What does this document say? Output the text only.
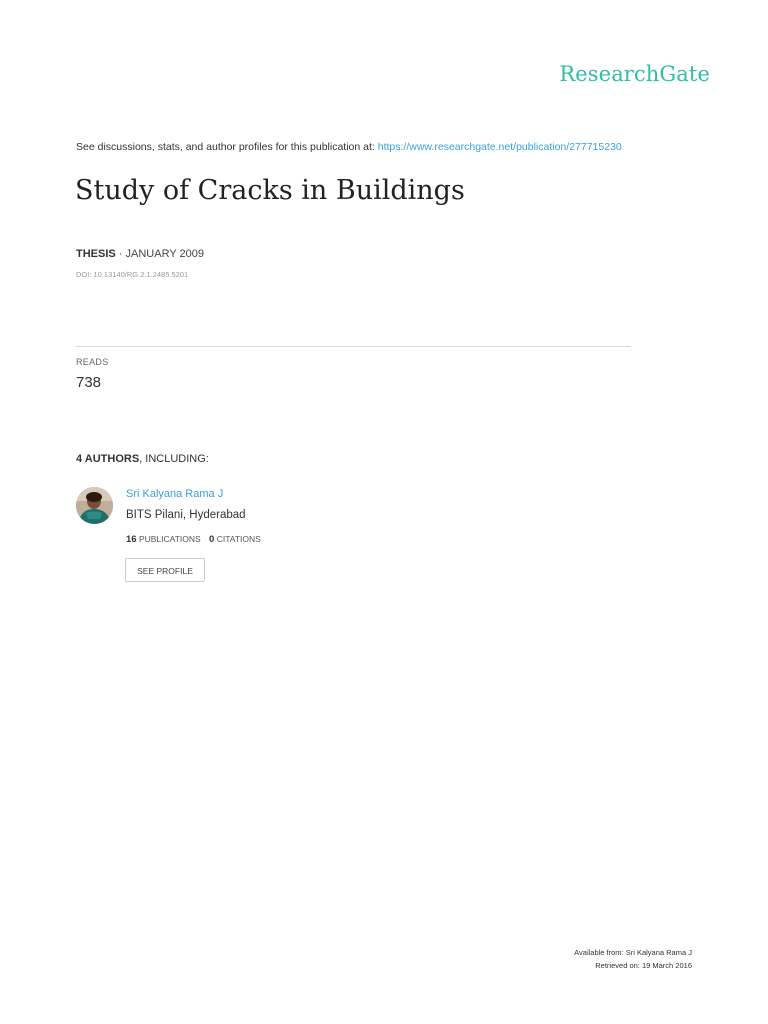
ResearchGate
See discussions, stats, and author profiles for this publication at: https://www.researchgate.net/publication/277715230
Study of Cracks in Buildings
THESIS · JANUARY 2009
DOI: 10.13140/RG.2.1.2485.5201
READS
738
4 AUTHORS, INCLUDING:
Sri Kalyana Rama J
BITS Pilani, Hyderabad
16 PUBLICATIONS 0 CITATIONS
SEE PROFILE
Available from: Sri Kalyana Rama J
Retrieved on: 19 March 2016
